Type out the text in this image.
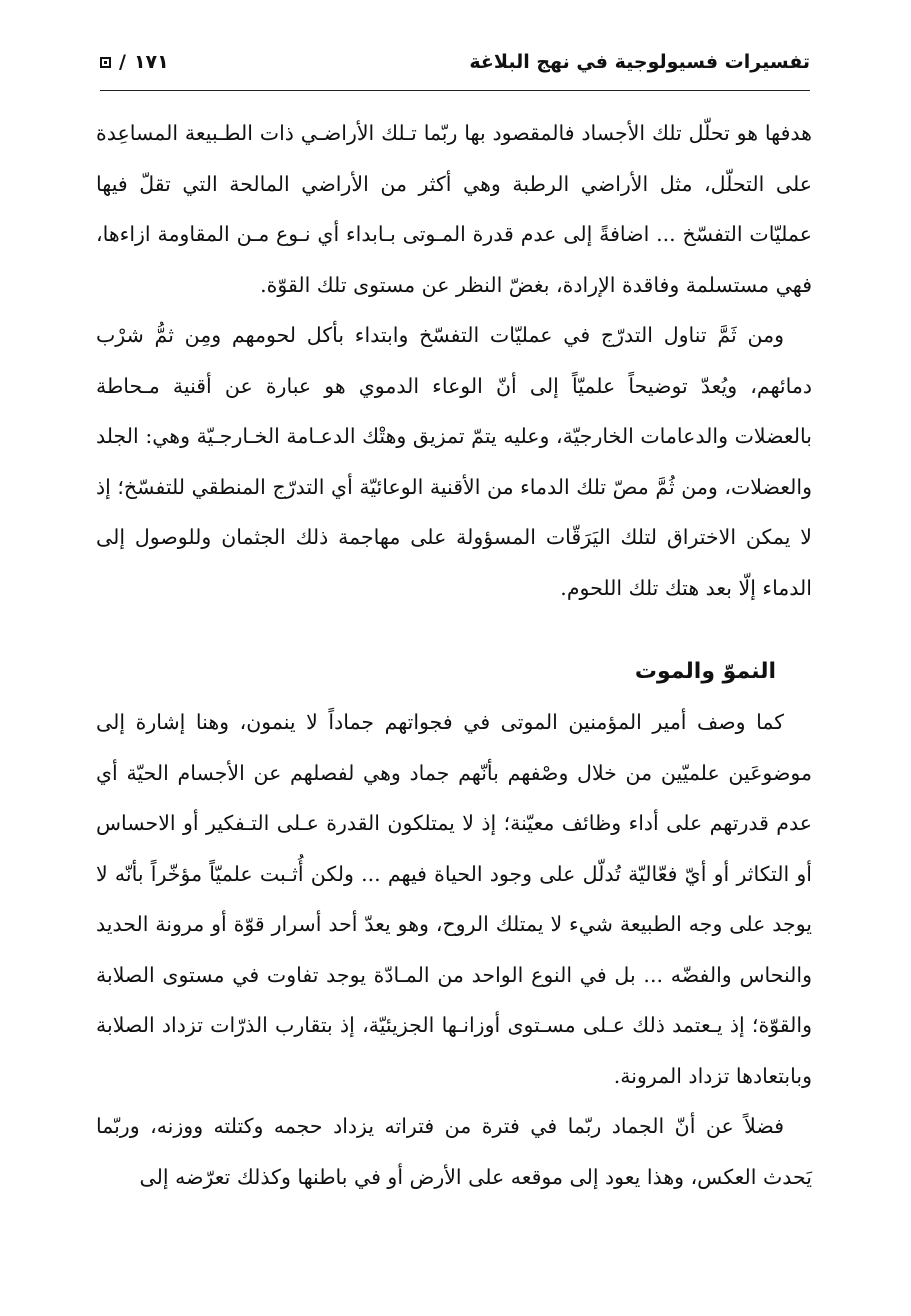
تفسيرات فسيولوجية في نهج البلاغة
١٧١
/

هدفها هو تحلّل تلك الأجساد فالمقصود بها ربّما تـلك الأراضـي ذات الطـبيعة المساعِدة على التحلّل، مثل الأراضي الرطبة وهي أكثر من الأراضي المالحة التي تقلّ فيها عمليّات التفسّخ ... اضافةً إلى عدم قدرة المـوتى بـابداء أي نـوع مـن المقاومة ازاءها، فهي مستسلمة وفاقدة الإرادة، بغضّ النظر عن مستوى تلك القوّة.

ومن ثَمَّ تناول التدرّج في عمليّات التفسّخ وابتداء بأكل لحومهم ومِن ثمُّ شرْب دمائهم، ويُعدّ توضيحاً علميّاً إلى أنّ الوعاء الدموي هو عبارة عن أقنية مـحاطة بالعضلات والدعامات الخارجيّة، وعليه يتمّ تمزيق وهتْك الدعـامة الخـارجـيّة وهي: الجلد والعضلات، ومن ثُمَّ مصّ تلك الدماء من الأقنية الوعائيّة أي التدرّج المنطقي للتفسّخ؛ إذ لا يمكن الاختراق لتلك اليَرَقّات المسؤولة على مهاجمة ذلك الجثمان وللوصول إلى الدماء إلّا بعد هتك تلك اللحوم.

النموّ والموت

كما وصف أمير المؤمنين الموتى في فجواتهم جماداً لا ينمون، وهنا إشارة إلى موضوعَين علميّين من خلال وصْفهم بأنّهم جماد وهي لفصلهم عن الأجسام الحيّة أي عدم قدرتهم على أداء وظائف معيّنة؛ إذ لا يمتلكون القدرة عـلى التـفكير أو الاحساس أو التكاثر أو أيّ فعّاليّة تُدلّل على وجود الحياة فيهم ... ولكن أُثـبت علميّاً مؤخّراً بأنّه لا يوجد على وجه الطبيعة شيء لا يمتلك الروح، وهو يعدّ أحد أسرار قوّة أو مرونة الحديد والنحاس والفضّه ... بل في النوع الواحد من المـادّة يوجد تفاوت في مستوى الصلابة والقوّة؛ إذ يـعتمد ذلك عـلى مسـتوى أوزانـها الجزيئيّة، إذ بتقارب الذرّات تزداد الصلابة وبابتعادها تزداد المرونة.

فضلاً عن أنّ الجماد ربّما في فترة من فتراته يزداد حجمه وكتلته ووزنه، وربّما يَحدث العكس، وهذا يعود إلى موقعه على الأرض أو في باطنها وكذلك تعرّضه إلى
